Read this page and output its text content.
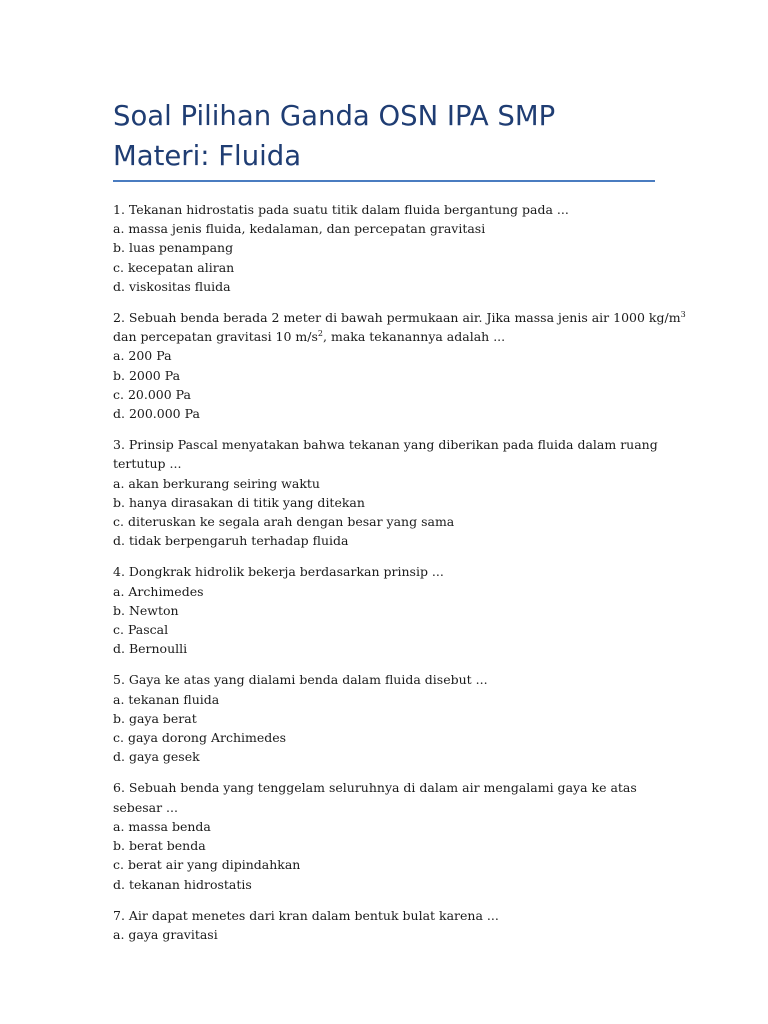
Soal Pilihan Ganda OSN IPA SMP
Materi: Fluida

1. Tekanan hidrostatis pada suatu titik dalam fluida bergantung pada ...

a. massa jenis fluida, kedalaman, dan percepatan gravitasi

b. luas penampang

c. kecepatan aliran

d. viskositas fluida

2. Sebuah benda berada 2 meter di bawah permukaan air. Jika massa jenis air 1000 $kg/m^3$

dan percepatan gravitasi 10 $m/s^2$, maka tekanannya adalah ...

a. 200 Pa

b. 2000 Pa

c. 20.000 Pa

d. 200.000 Pa

3. Prinsip Pascal menyatakan bahwa tekanan yang diberikan pada fluida dalam ruang tertutup ...

a. akan berkurang seiring waktu

b. hanya dirasakan di titik yang ditekan

c. diteruskan ke segala arah dengan besar yang sama

d. tidak berpengaruh terhadap fluida

4. Dongkrak hidrolik bekerja berdasarkan prinsip ...

a. Archimedes

b. Newton

c. Pascal

d. Bernoulli

5. Gaya ke atas yang dialami benda dalam fluida disebut ...

a. tekanan fluida

b. gaya berat

c. gaya dorong Archimedes

d. gaya gesek

6. Sebuah benda yang tenggelam seluruhnya di dalam air mengalami gaya ke atas sebesar ...

a. massa benda

b. berat benda

c. berat air yang dipindahkan

d. tekanan hidrostatis

7. Air dapat menetes dari kran dalam bentuk bulat karena ...

a. gaya gravitasi
